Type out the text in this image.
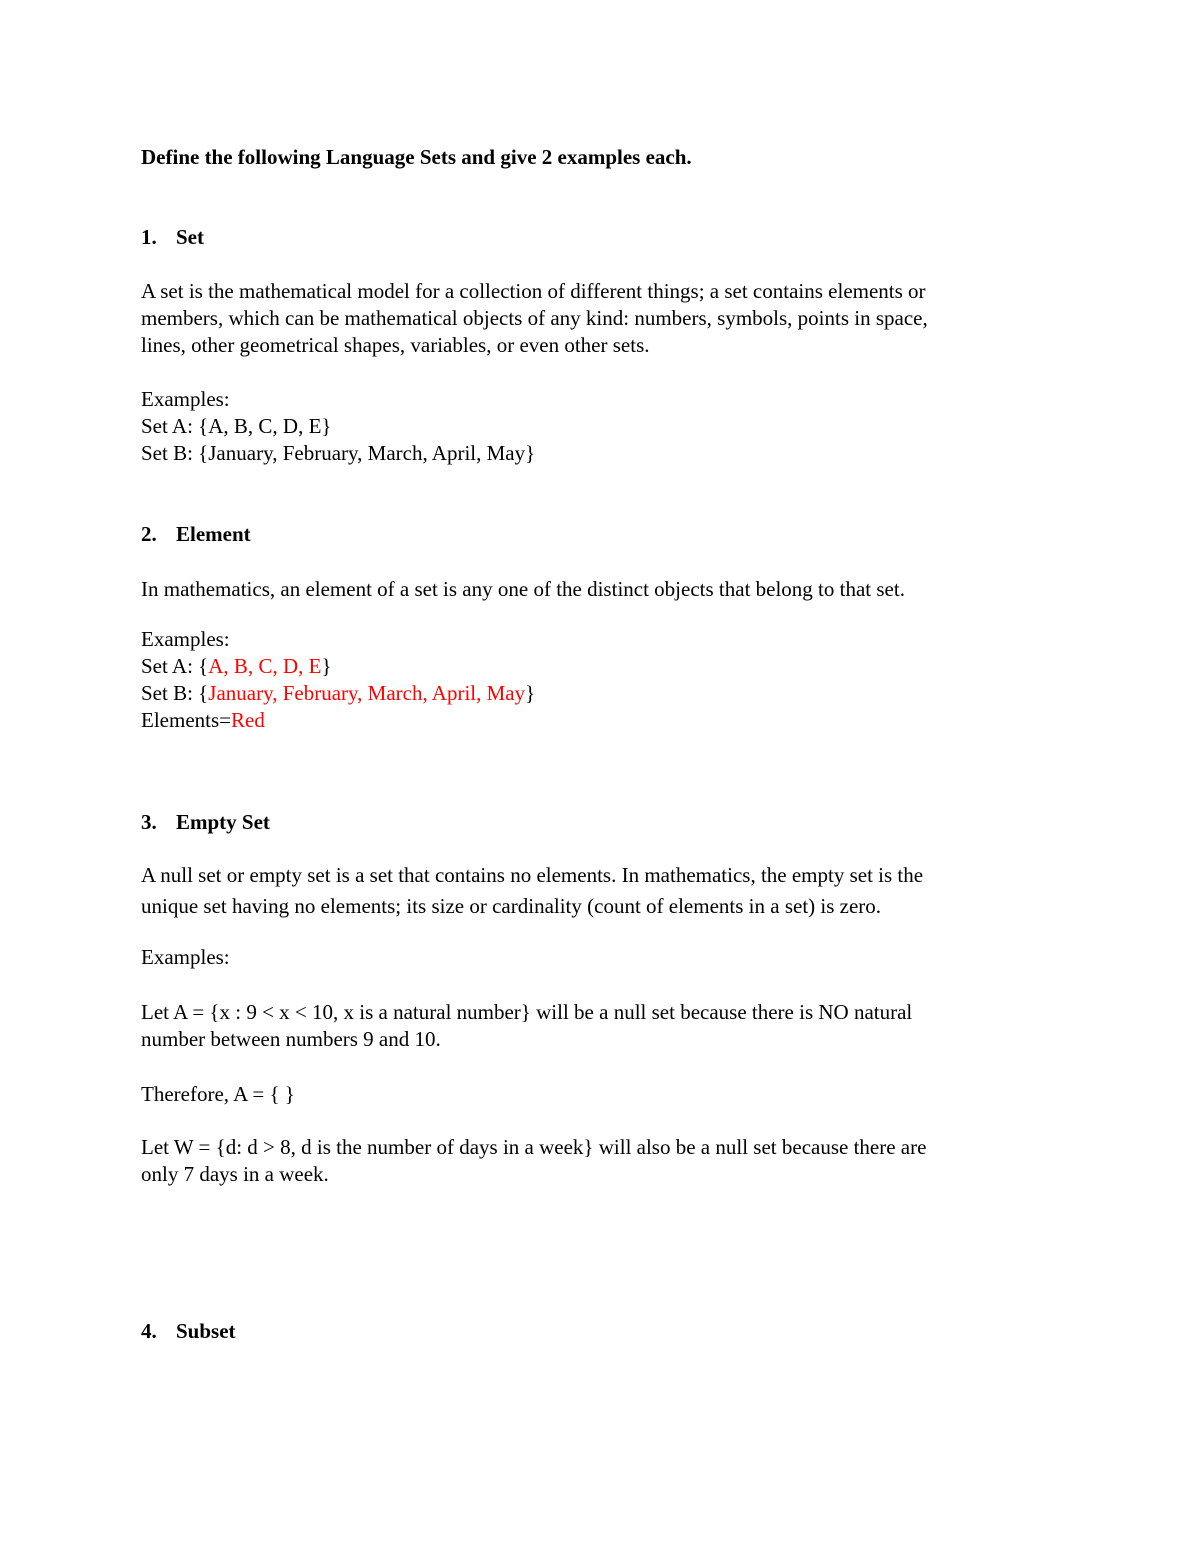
Define the following Language Sets and give 2 examples each.

1. Set

A set is the mathematical model for a collection of different things; a set contains elements or

members, which can be mathematical objects of any kind: numbers, symbols, points in space,

lines, other geometrical shapes, variables, or even other sets.

Examples:

Set A: {A, B, C, D, E}

Set B: {January, February, March, April, May}

2. Element

In mathematics, an element of a set is any one of the distinct objects that belong to that set.

Examples:

Set A: {A, B, C, D, E}

Set B: {January, February, March, April, May}

Elements=Red

3. Empty Set

A null set or empty set is a set that contains no elements. In mathematics, the empty set is the

unique set having no elements; its size or cardinality (count of elements in a set) is zero.

Examples:

Let A = {x : 9 < x < 10, x is a natural number} will be a null set because there is NO natural

number between numbers 9 and 10.

Therefore, A = { }

Let W = {d: d > 8, d is the number of days in a week} will also be a null set because there are

only 7 days in a week.

4. Subset
